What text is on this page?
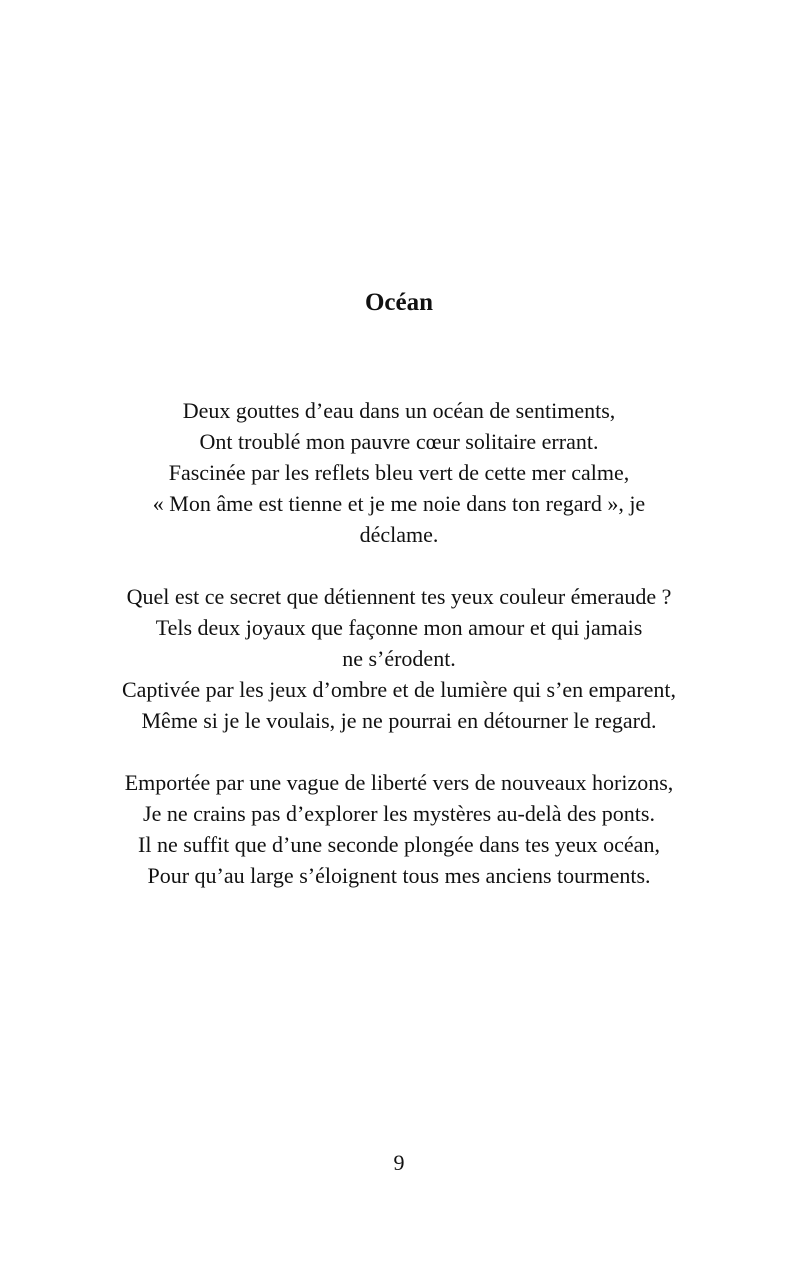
Océan
Deux gouttes d’eau dans un océan de sentiments,
Ont troublé mon pauvre cœur solitaire errant.
Fascinée par les reflets bleu vert de cette mer calme,
« Mon âme est tienne et je me noie dans ton regard », je
déclame.
Quel est ce secret que détiennent tes yeux couleur émeraude ?
Tels deux joyaux que façonne mon amour et qui jamais
ne s’érodent.
Captivée par les jeux d’ombre et de lumière qui s’en emparent,
Même si je le voulais, je ne pourrai en détourner le regard.
Emportée par une vague de liberté vers de nouveaux horizons,
Je ne crains pas d’explorer les mystères au-delà des ponts.
Il ne suffit que d’une seconde plongée dans tes yeux océan,
Pour qu’au large s’éloignent tous mes anciens tourments.
9
